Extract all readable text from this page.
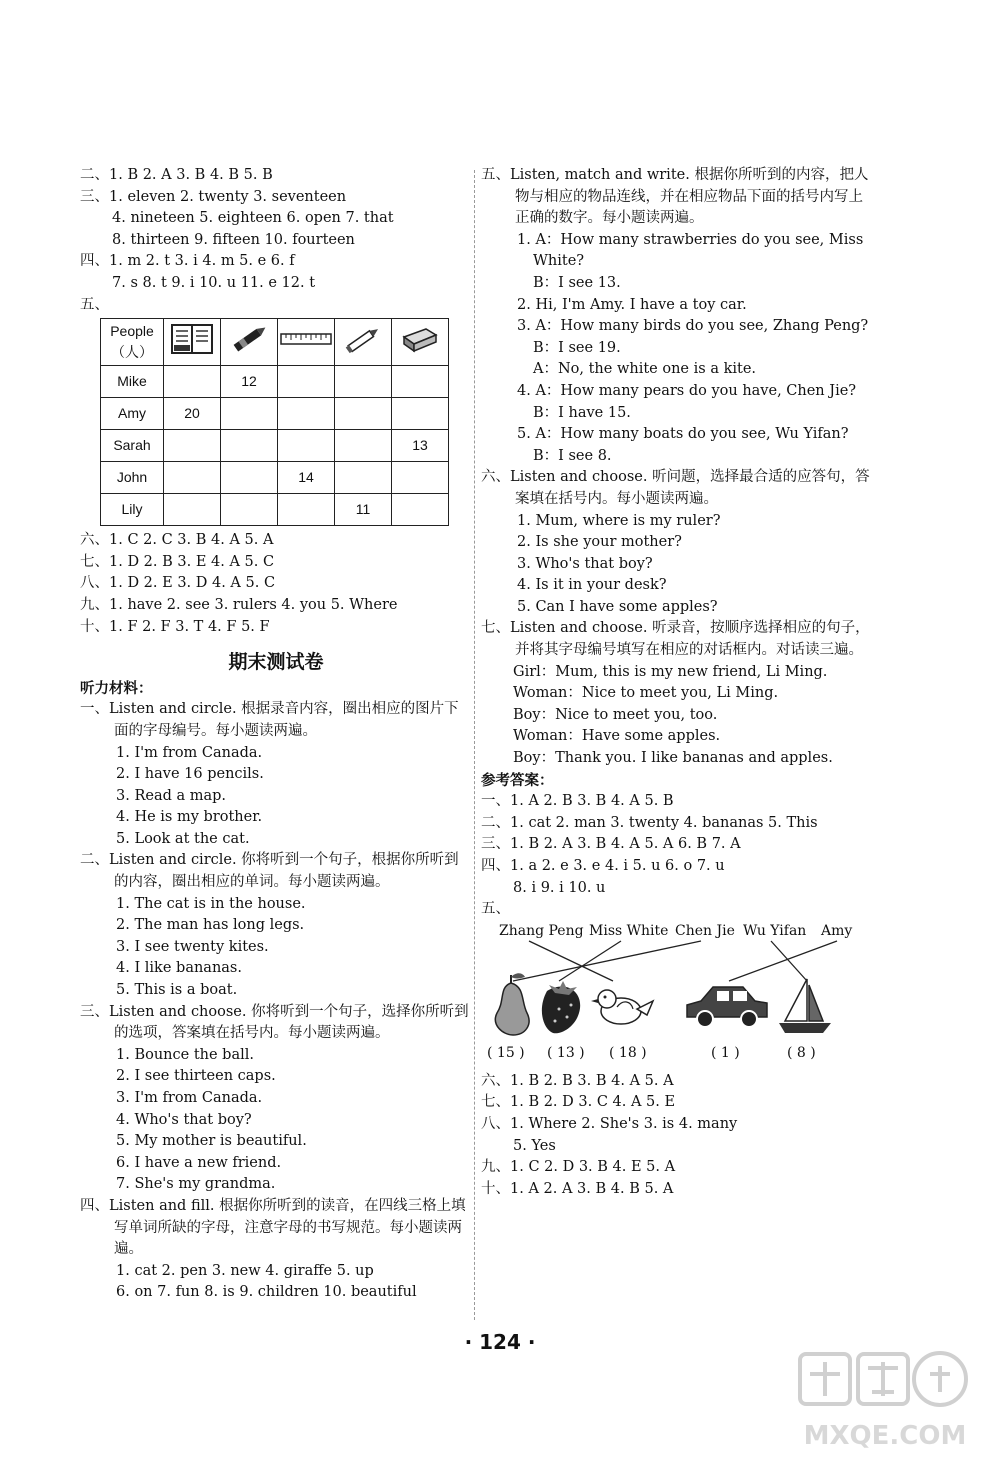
二、1. B 2. A 3. B 4. B 5. B
三、1. eleven 2. twenty 3. seventeen
4. nineteen 5. eighteen 6. open 7. that
8. thirteen 9. fifteen 10. fourteen
四、1. m 2. t 3. i 4. m 5. e 6. f
7. s 8. t 9. i 10. u 11. e 12. t
五、
People
（人）

Mike		12			
Amy	20				
Sarah					13
John			14		
Lily				11	
六、1. C 2. C 3. B 4. A 5. A
七、1. D 2. B 3. E 4. A 5. C
八、1. D 2. E 3. D 4. A 5. C
九、1. have 2. see 3. rulers 4. you 5. Where
十、1. F 2. F 3. T 4. F 5. F
期末测试卷
听力材料：
一、Listen and circle. 根据录音内容，圈出相应的图片下面的字母编号。每小题读两遍。
1. I'm from Canada.
2. I have 16 pencils.
3. Read a map.
4. He is my brother.
5. Look at the cat.
二、Listen and circle. 你将听到一个句子，根据你所听到的内容，圈出相应的单词。每小题读两遍。
1. The cat is in the house.
2. The man has long legs.
3. I see twenty kites.
4. I like bananas.
5. This is a boat.
三、Listen and choose. 你将听到一个句子，选择你所听到的选项，答案填在括号内。每小题读两遍。
1. Bounce the ball.
2. I see thirteen caps.
3. I'm from Canada.
4. Who's that boy?
5. My mother is beautiful.
6. I have a new friend.
7. She's my grandma.
四、Listen and fill. 根据你所听到的读音，在四线三格上填写单词所缺的字母，注意字母的书写规范。每小题读两遍。
1. cat 2. pen 3. new 4. giraffe 5. up
6. on 7. fun 8. is 9. children 10. beautiful
五、Listen, match and write. 根据你所听到的内容，把人物与相应的物品连线，并在相应物品下面的括号内写上正确的数字。每小题读两遍。
1. A：How many strawberries do you see, Miss
White?
B：I see 13.
2. Hi, I'm Amy. I have a toy car.
3. A：How many birds do you see, Zhang Peng?
B：I see 19.
A：No, the white one is a kite.
4. A：How many pears do you have, Chen Jie?
B：I have 15.
5. A：How many boats do you see, Wu Yifan?
B：I see 8.
六、Listen and choose. 听问题，选择最合适的应答句，答案填在括号内。每小题读两遍。
1. Mum, where is my ruler?
2. Is she your mother?
3. Who's that boy?
4. Is it in your desk?
5. Can I have some apples?
七、Listen and choose. 听录音，按顺序选择相应的句子，并将其字母编号填写在相应的对话框内。对话读三遍。
Girl：Mum, this is my new friend, Li Ming.
Woman：Nice to meet you, Li Ming.
Boy：Nice to meet you, too.
Woman：Have some apples.
Boy：Thank you. I like bananas and apples.
参考答案：
一、1. A 2. B 3. B 4. A 5. B
二、1. cat 2. man 3. twenty 4. bananas 5. This
三、1. B 2. A 3. B 4. A 5. A 6. B 7. A
四、1. a 2. e 3. e 4. i 5. u 6. o 7. u
8. i 9. i 10. u
五、
Zhang Peng Miss White Chen Jie Wu Yifan Amy
( 15 ) ( 13 ) ( 18 )	( 1 )	( 8 )
六、1. B 2. B 3. B 4. A 5. A
七、1. B 2. D 3. C 4. A 5. E
八、1. Where 2. She's 3. is 4. many
5. Yes
九、1. C 2. D 3. B 4. E 5. A
十、1. A 2. A 3. B 4. B 5. A
· 124 ·
MXQE.COM
